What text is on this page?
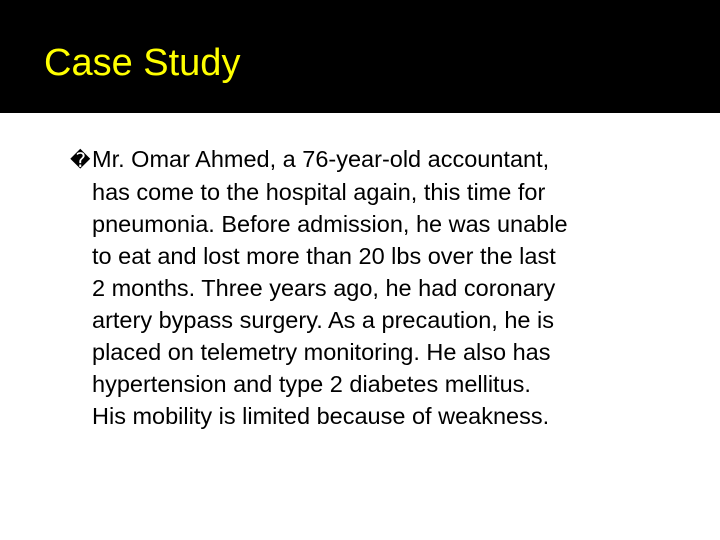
Case Study
�Mr. Omar Ahmed, a 76-year-old accountant,
has come to the hospital again, this time for
pneumonia. Before admission, he was unable
to eat and lost more than 20 lbs over the last
2 months. Three years ago, he had coronary
artery bypass surgery. As a precaution, he is
placed on telemetry monitoring. He also has
hypertension and type 2 diabetes mellitus.
His mobility is limited because of weakness.
